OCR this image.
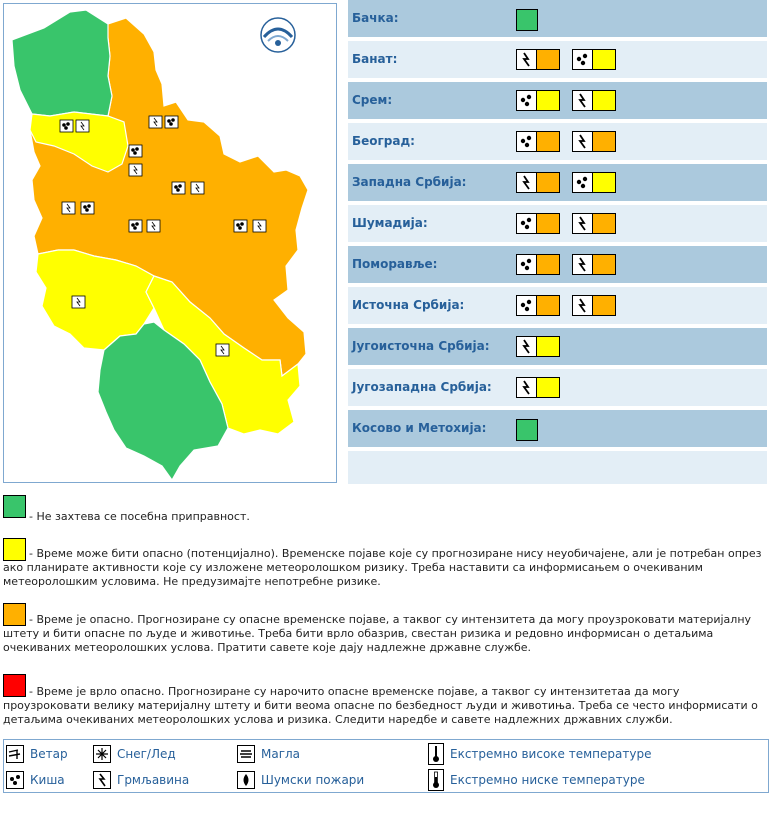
Бачка:
Банат:
Срем:
Београд:
Западна Србија:
Шумадија:
Поморавље:
Источна Србија:
Југоисточна Србија:
Југозападна Србија:
Косово и Метохија:
- Не захтева се посебна приправност.
- Време може бити опасно (потенцијално). Временске појаве које су прогнозиране нису неуобичајене, али је потребан опрез ако планирате активности које су изложене метеоролошком ризику. Треба наставити са информисањем о очекиваним метеоролошким условима. Не предузимајте непотребне ризике.
- Време је опасно. Прогнозиране су опасне временске појаве, а таквог су интензитета да могу проузроковати материјалну штету и бити опасне по људе и животиње. Треба бити врло обазрив, свестан ризика и редовно информисан о детаљима очекиваних метеоролошких услова. Пратити савете које дају надлежне државне службе.
- Време је врло опасно. Прогнозиране су нарочито опасне временске појаве, а таквог су интензитетаа да могу проузроковати велику материјалну штету и бити веома опасне по безбедност људи и животиња. Треба се често информисати о детаљима очекиваних метеоролошких услова и ризика. Следити наредбе и савете надлежних државних служби.
Ветар	Снег/Лед	Магла	Екстремно високе температуре
Киша	Грмљавина	Шумски пожари	Екстремно ниске температуре
